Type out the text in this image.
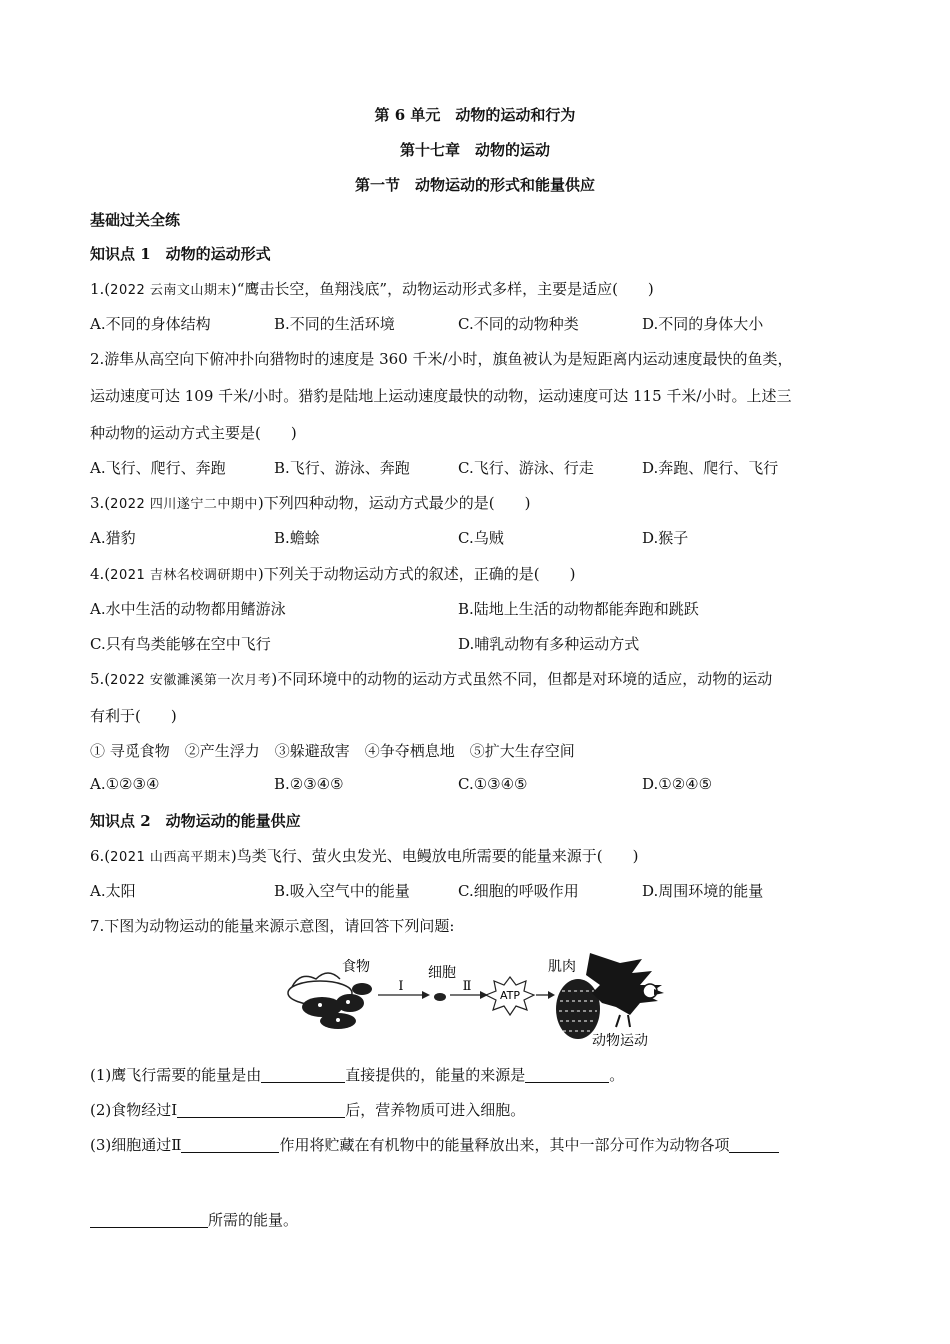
第 6 单元　动物的运动和行为
第十七章　动物的运动
第一节　动物运动的形式和能量供应
基础过关全练
知识点 1　动物的运动形式
1.(2022 云南文山期末)“鹰击长空，鱼翔浅底”，动物运动形式多样，主要是适应(　　)
A.不同的身体结构	B.不同的生活环境	C.不同的动物种类	D.不同的身体大小
2.游隼从高空向下俯冲扑向猎物时的速度是 360 千米/小时，旗鱼被认为是短距离内运动速度最快的鱼类，
运动速度可达 109 千米/小时。猎豹是陆地上运动速度最快的动物，运动速度可达 115 千米/小时。上述三
种动物的运动方式主要是(　　)
A.飞行、爬行、奔跑	B.飞行、游泳、奔跑	C.飞行、游泳、行走	D.奔跑、爬行、飞行
3.(2022 四川遂宁二中期中)下列四种动物，运动方式最少的是(　　)
A.猎豹	B.蟾蜍	C.乌贼	D.猴子
4.(2021 吉林名校调研期中)下列关于动物运动方式的叙述，正确的是(　　)
A.水中生活的动物都用鳍游泳	B.陆地上生活的动物都能奔跑和跳跃
C.只有鸟类能够在空中飞行	D.哺乳动物有多种运动方式
5.(2022 安徽濉溪第一次月考)不同环境中的动物的运动方式虽然不同，但都是对环境的适应，动物的运动
有利于(　　)
① 寻觅食物　②产生浮力　③躲避敌害　④争夺栖息地　⑤扩大生存空间
A.①②③④	B.②③④⑤	C.①③④⑤	D.①②④⑤
知识点 2　动物运动的能量供应
6.(2021 山西高平期末)鸟类飞行、萤火虫发光、电鳗放电所需要的能量来源于(　　)
A.太阳	B.吸入空气中的能量	C.细胞的呼吸作用	D.周围环境的能量
7.下图为动物运动的能量来源示意图，请回答下列问题:
食物
Ⅰ
细胞
Ⅱ
ATP
肌肉
动物运动
(1)鹰飞行需要的能量是由	直接提供的，能量的来源是	。
(2)食物经过Ⅰ	后，营养物质可进入细胞。
(3)细胞通过Ⅱ	作用将贮藏在有机物中的能量释放出来，其中一部分可作为动物各项
所需的能量。
